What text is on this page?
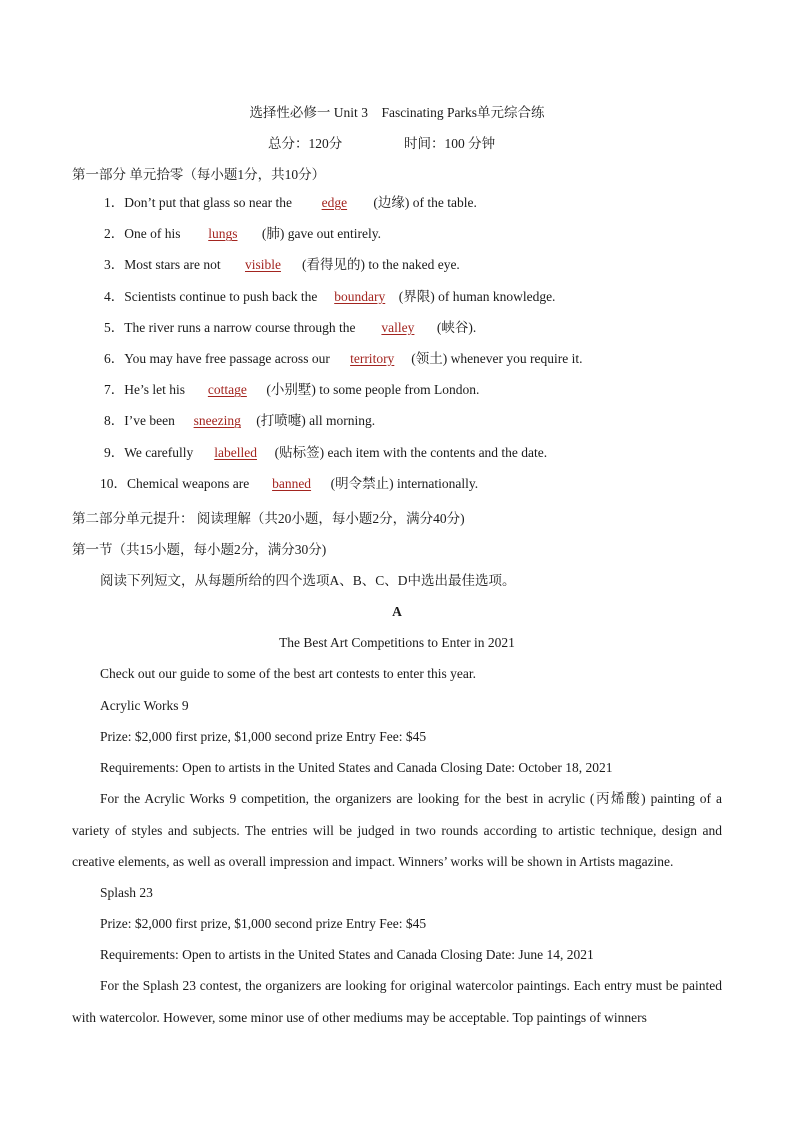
选择性必修一 Unit 3　Fascinating Parks单元综合练
总分：120分	时间：100 分钟
第一部分 单元拾零（每小题1分，共10分）
1．Don’t put that glass so near the edge (边缘) of the table.
2．One of his lungs (肺) gave out entirely.
3．Most stars are not visible (看得见的) to the naked eye.
4．Scientists continue to push back the boundary (界限) of human knowledge.
5．The river runs a narrow course through the valley (峡谷).
6．You may have free passage across our territory (领土) whenever you require it.
7．He’s let his cottage (小别墅) to some people from London.
8．I’ve been sneezing (打喷嚏) all morning.
9．We carefully labelled (贴标签) each item with the contents and the date.
10．Chemical weapons are banned (明令禁止) internationally.
第二部分单元提升： 阅读理解（共20小题，每小题2分，满分40分)
第一节（共15小题，每小题2分，满分30分)
阅读下列短文，从每题所给的四个选项A、B、C、D中选出最佳选项。
A
The Best Art Competitions to Enter in 2021
Check out our guide to some of the best art contests to enter this year.
Acrylic Works 9
Prize: $2,000 first prize, $1,000 second prize Entry Fee: $45
Requirements: Open to artists in the United States and Canada Closing Date: October 18, 2021
For the Acrylic Works 9 competition, the organizers are looking for the best in acrylic (丙烯酸) painting of a variety of styles and subjects. The entries will be judged in two rounds according to artistic technique, design and creative elements, as well as overall impression and impact. Winners’ works will be shown in Artists magazine.
Splash 23
Prize: $2,000 first prize, $1,000 second prize Entry Fee: $45
Requirements: Open to artists in the United States and Canada Closing Date: June 14, 2021
For the Splash 23 contest, the organizers are looking for original watercolor paintings. Each entry must be painted with watercolor. However, some minor use of other mediums may be acceptable. Top paintings of winners
